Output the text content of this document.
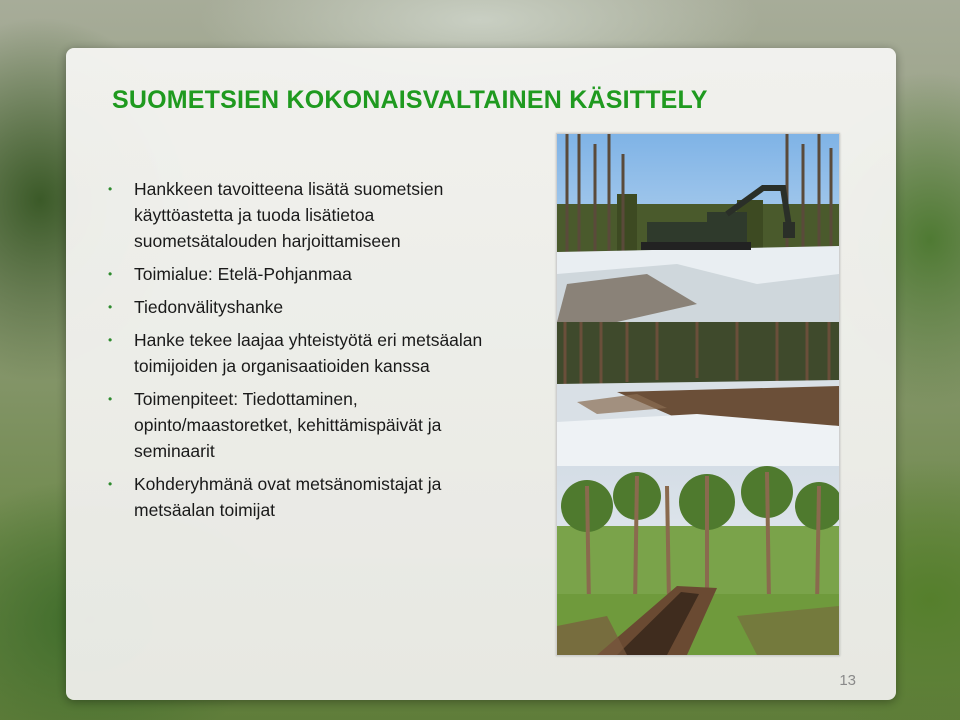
SUOMETSIEN KOKONAISVALTAINEN KÄSITTELY
•	Hankkeen tavoitteena lisätä suometsien käyttöastetta ja tuoda lisätietoa suometsätalouden harjoittamiseen
•	Toimialue: Etelä-Pohjanmaa
•	Tiedonvälityshanke
•	Hanke tekee laajaa yhteistyötä eri metsäalan toimijoiden ja organisaatioiden kanssa
•	Toimenpiteet: Tiedottaminen, opinto/maastoretket, kehittämispäivät ja seminaarit
•	Kohderyhmänä ovat metsänomistajat ja metsäalan toimijat
13
